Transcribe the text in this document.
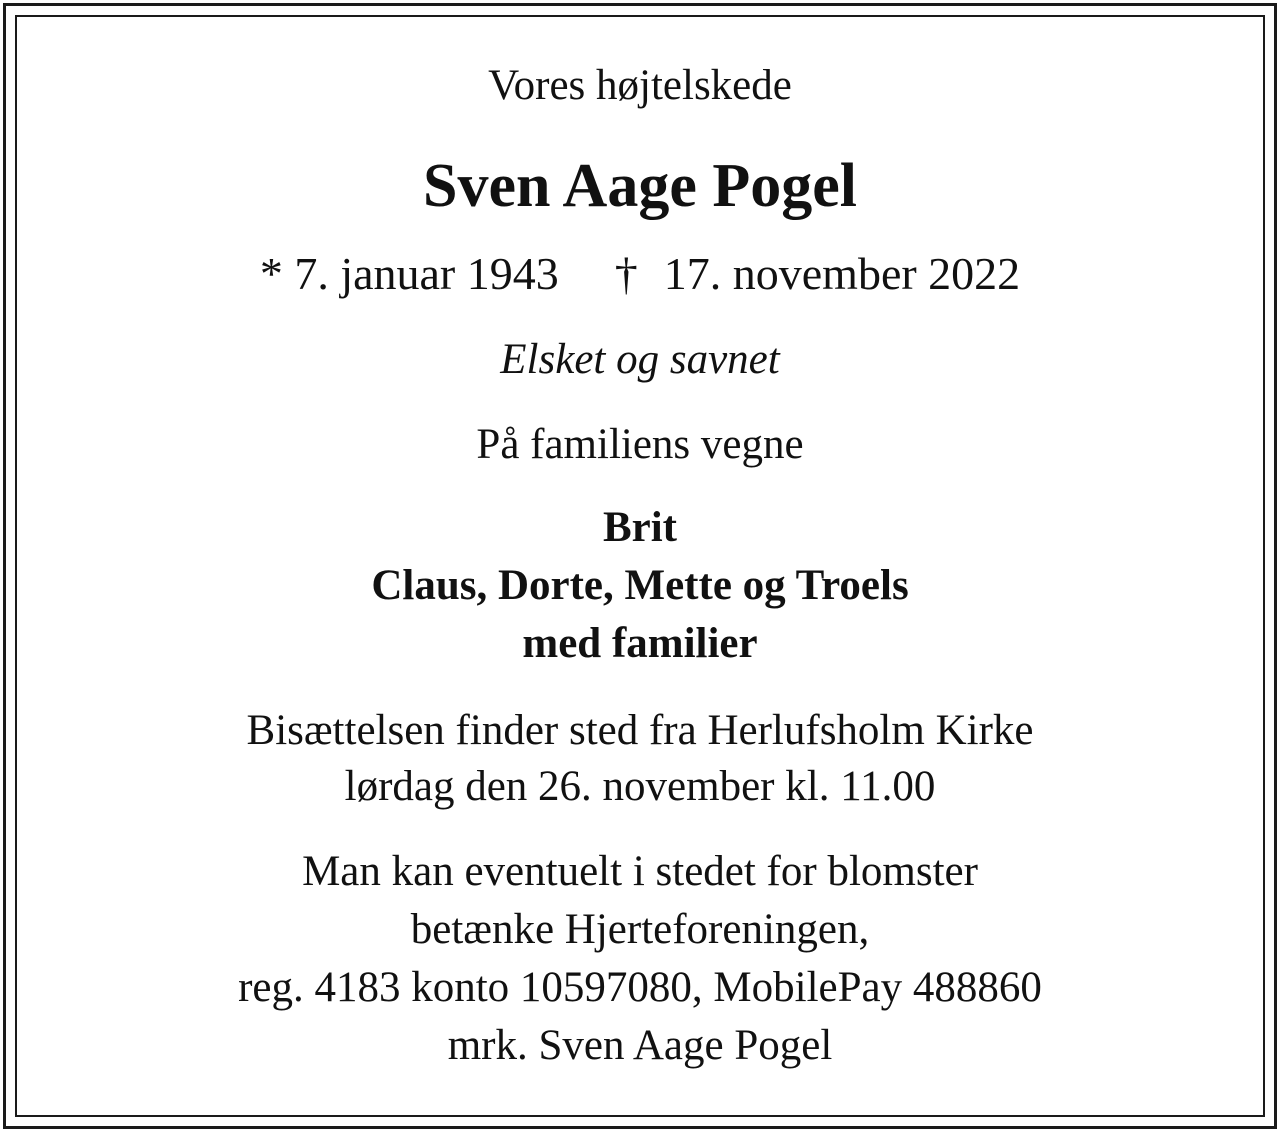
Vores højtelskede
Sven Aage Pogel
* 7. januar 1943 † 17. november 2022
Elsket og savnet
På familiens vegne
Brit
Claus, Dorte, Mette og Troels
med familier
Bisættelsen finder sted fra Herlufsholm Kirke
lørdag den 26. november kl. 11.00
Man kan eventuelt i stedet for blomster
betænke Hjerteforeningen,
reg. 4183 konto 10597080, MobilePay 488860
mrk. Sven Aage Pogel
